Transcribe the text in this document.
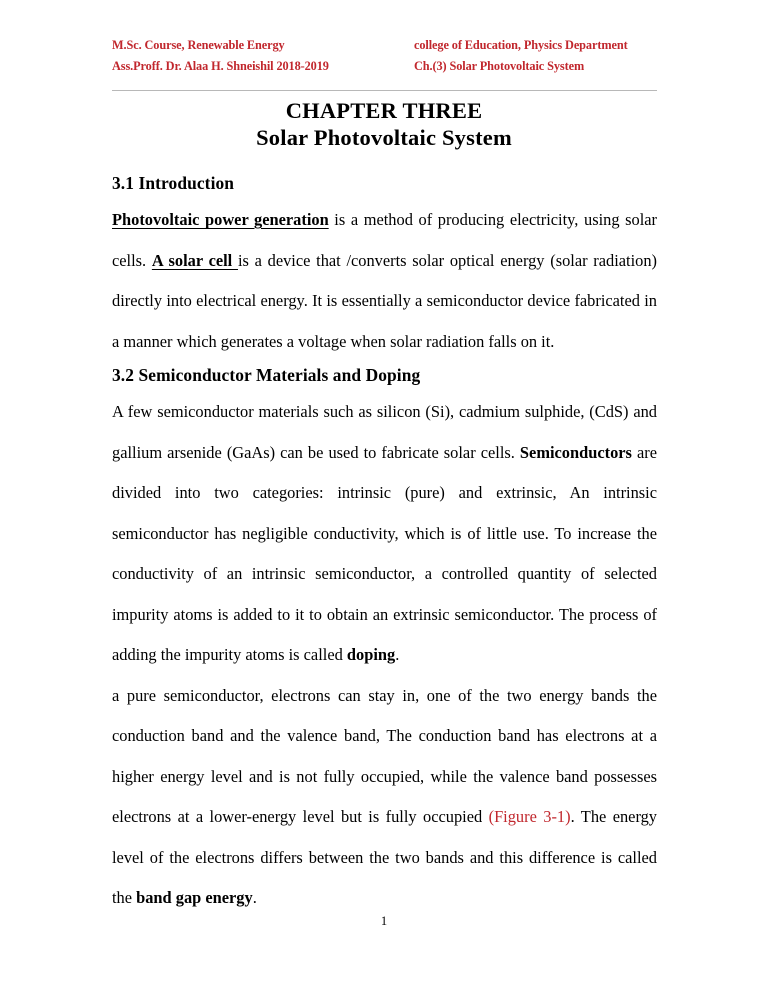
M.Sc. Course, Renewable Energy	college of Education, Physics Department
Ass.Proff. Dr. Alaa H. Shneishil 2018-2019	Ch.(3) Solar Photovoltaic System
CHAPTER THREE
Solar Photovoltaic System
3.1 Introduction

Photovoltaic power generation is a method of producing electricity, using solar cells. A solar cell is a device that /converts solar optical energy (solar radiation) directly into electrical energy. It is essentially a semiconductor device fabricated in a manner which generates a voltage when solar radiation falls on it.

3.2 Semiconductor Materials and Doping

A few semiconductor materials such as silicon (Si), cadmium sulphide, (CdS) and gallium arsenide (GaAs) can be used to fabricate solar cells. Semiconductors are divided into two categories: intrinsic (pure) and extrinsic, An intrinsic semiconductor has negligible conductivity, which is of little use. To increase the conductivity of an intrinsic semiconductor, a controlled quantity of selected impurity atoms is added to it to obtain an extrinsic semiconductor. The process of adding the impurity atoms is called doping.

a pure semiconductor, electrons can stay in, one of the two energy bands the conduction band and the valence band, The conduction band has electrons at a higher energy level and is not fully occupied, while the valence band possesses electrons at a lower-energy level but is fully occupied (Figure 3-1). The energy level of the electrons differs between the two bands and this difference is called the band gap energy.

1
